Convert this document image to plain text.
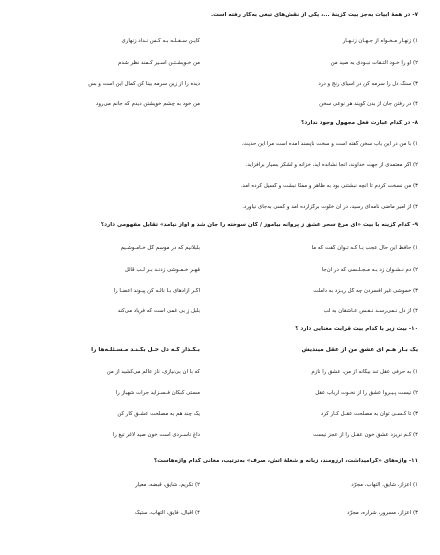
۷- در همهٔ ابیات به‌جز بیت گزینهٔ ...، یکی از نقش‌های تبعی به‌کار رفته است.
۱) زنهـار مـخـواه از جـهـان زنـهـار
کایـن سـفـلـه بـه کـس نـداد زنهاری
۲) او را خـود التـفات نبـودی به صید من
من خـویشـتـن اسـیر کـمند نظر شدم
۳) سنگ دل را سرمه کن در آسیای رنج و درد
دیده را از زین سرمه بینا کن کمال این است و بس
۴) در رفتن جان از بدن گویند هر نوعی سخن
من خود به چشم خویشتن دیدم که جانم می‌رود
۸- در کدام عبارت فعل مجهول وجود ندارد؟
۱) با من در این باب سخن گفته است و سخت ناپسند آمده است مرا این حدیث.
۲) اگر معتمدی از جهت خداوند، آنجا نشانده آید، خزانه و لشکر بسیار برافزاید.
۳) من نسخت کردم تا آنچه نبشتنی بود به ظاهر و ممثّا نبشت و گسیل کرده آمد.
۴) از امیر ماضی نامه‌ای رسید، در آن خلوت برگزارده آمد و کسی به‌جای نیاورد.
۹- کدام گزینه با بیت «ای مرغ سحر عشق ز پروانه بیاموز / کان سوخته را جان شد و آواز نیامد» تقابل مفهومی دارد؟
۱) حافظ این حال عجب بـا کـه تـوان گفت که ما
بلبلانیم که در موسم گل خـامـوشـیم
۲) دم نـشـوان زد بـه مـجـلـسی که در آن‌جا
مُهـر خـمـوشی زدنـد بـر لـب قائل
۳) خموشی غیر افسردن چه گل ریـزد به داملت
اگـر آزادهای بـا نالـه کن پیـوند اعضـا را
۴) از دل نـمی‌رسـد نـفـس عـاشقان به لب
بلبل زِ بی غمی است که فریاد می‌کند
۱۰- بیت زیر با کدام بیت قرابت معنایی دارد ؟
یک بـار هـم ای عشق من از عقل میندیش
بـگـذار کـه دل حـل بکـنـد مـسـئلـه‌ها را
۱) به حرفی عقل تند بیگانه از من، عشق را نازم
که با آن بی‌نیازی، ناز عالم می‌کشید از من
۲) نیست پـیـروا عشق را از نخـوت ارباب عقل
مستی کبکان فـسـزاید جرأت شهباز را
۳) تا کـسـی توان به مصلحت عقـل کـار کرد
یک چند هم به مصلحت عشـق کار کن
۴) کـم نریزد عشق خون عقـل را از عجز نیست
داغ ناسـردی است خون صید لاغر تیغ را
۱۱- واژه‌های «گرامیداشت، آرزومند، زبانه و شعلهٔ آتش، صرف» به‌ترتیب، معانی کدام واژه‌هاست؟
۱) اعزاز، شایق، التهاب، مجرّد
۲) تکریم، شایق، قبضه، معیار
۳) اعزاز، مسرور، شراره، مجرّد
۴) اقبال، فایق، التهاب، ستیک
